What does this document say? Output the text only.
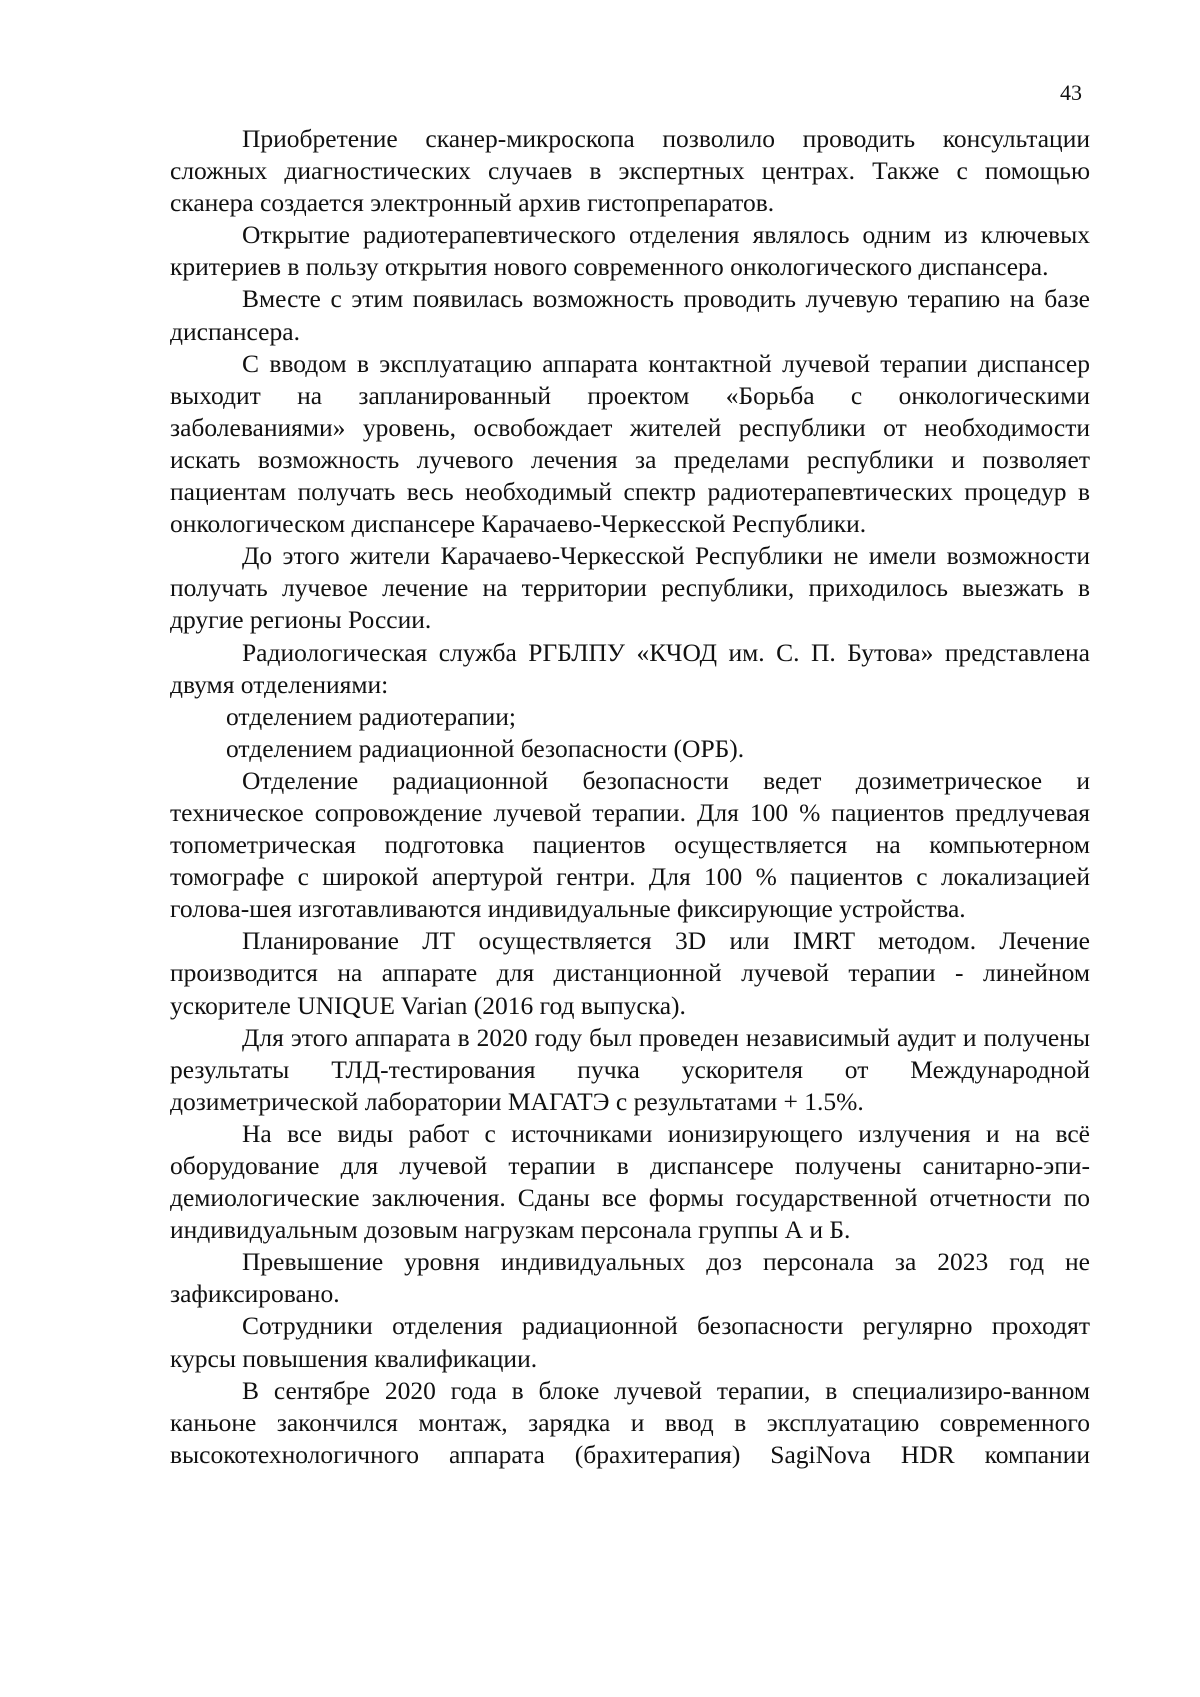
43

Приобретение сканер-микроскопа позволило проводить консультации сложных диагностических случаев в экспертных центрах. Также с помощью сканера создается электронный архив гистопрепаратов.

Открытие радиотерапевтического отделения являлось одним из ключевых критериев в пользу открытия нового современного онкологического диспансера.

Вместе с этим появилась возможность проводить лучевую терапию на базе диспансера.

С вводом в эксплуатацию аппарата контактной лучевой терапии диспансер выходит на запланированный проектом «Борьба с онкологическими заболеваниями» уровень, освобождает жителей республики от необходимости искать возможность лучевого лечения за пределами республики и позволяет пациентам получать весь необходимый спектр радиотерапевтических процедур в онкологическом диспансере Карачаево-Черкесской Республики.

До этого жители Карачаево-Черкесской Республики не имели возможности получать лучевое лечение на территории республики, приходилось выезжать в другие регионы России.

Радиологическая служба РГБЛПУ «КЧОД им. С. П. Бутова» представлена двумя отделениями:

отделением радиотерапии;

отделением радиационной безопасности (ОРБ).

Отделение радиационной безопасности ведет дозиметрическое и техническое сопровождение лучевой терапии. Для 100 % пациентов предлучевая топометрическая подготовка пациентов осуществляется на компьютерном томографе с широкой апертурой гентри. Для 100 % пациентов с локализацией голова-шея изготавливаются индивидуальные фиксирующие устройства.

Планирование ЛТ осуществляется 3D или IMRT методом. Лечение производится на аппарате для дистанционной лучевой терапии - линейном ускорителе UNIQUE Varian (2016 год выпуска).

Для этого аппарата в 2020 году был проведен независимый аудит и получены результаты ТЛД-тестирования пучка ускорителя от Международной дозиметрической лаборатории МАГАТЭ с результатами + 1.5%.

На все виды работ с источниками ионизирующего излучения и на всё оборудование для лучевой терапии в диспансере получены санитарно-эпидемиологические заключения. Сданы все формы государственной отчетности по индивидуальным дозовым нагрузкам персонала группы А и Б.

Превышение уровня индивидуальных доз персонала за 2023 год не зафиксировано.

Сотрудники отделения радиационной безопасности регулярно проходят курсы повышения квалификации.

В сентябре 2020 года в блоке лучевой терапии, в специализиро-ванном каньоне закончился монтаж, зарядка и ввод в эксплуатацию современного высокотехнологичного аппарата (брахитерапия) SagiNova HDR компании
